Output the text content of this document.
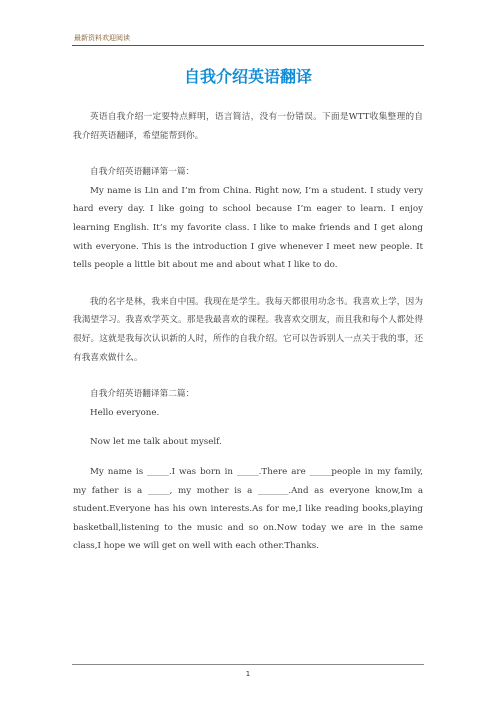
最新资料欢迎阅读
自我介绍英语翻译

英语自我介绍一定要特点鲜明，语言简洁，没有一份错误。下面是WTT收集整理的自我介绍英语翻译，希望能帮到你。

自我介绍英语翻译第一篇：

My name is Lin and I’m from China. Right now, I’m a student. I study very hard every day. I like going to school because I’m eager to learn. I enjoy learning English. It’s my favorite class. I like to make friends and I get along with everyone. This is the introduction I give whenever I meet new people. It tells people a little bit about me and about what I like to do.

我的名字是林，我来自中国。我现在是学生。我每天都很用功念书。我喜欢上学，因为我渴望学习。我喜欢学英文。那是我最喜欢的课程。我喜欢交朋友，而且我和每个人都处得很好。这就是我每次认识新的人时，所作的自我介绍。它可以告诉别人一点关于我的事，还有我喜欢做什么。

自我介绍英语翻译第二篇：

Hello everyone.

Now let me talk about myself.

My name is _____.I was born in _____.There are _____people in my family, my father is a _____, my mother is a _______.And as everyone know,Im a student.Everyone has his own interests.As for me,I like reading books,playing basketball,listening to the music and so on.Now today we are in the same class,I hope we will get on well with each other.Thanks.

1
